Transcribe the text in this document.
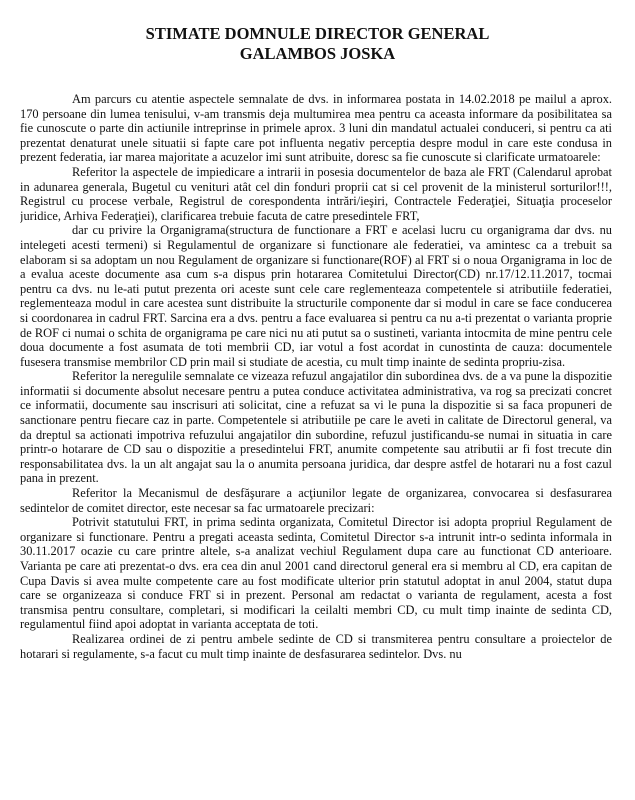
STIMATE DOMNULE DIRECTOR GENERAL
GALAMBOS JOSKA

Am parcurs cu atentie aspectele semnalate de dvs. in informarea postata in 14.02.2018 pe mailul a aprox. 170 persoane din lumea tenisului, v-am transmis deja multumirea mea pentru ca aceasta informare da posibilitatea sa fie cunoscute o parte din actiunile intreprinse in primele aprox. 3 luni din mandatul actualei conduceri, si pentru ca ati prezentat denaturat unele situatii si fapte care pot influenta negativ perceptia despre modul in care este condusa in prezent federatia, iar marea majoritate a acuzelor imi sunt atribuite, doresc sa fie cunoscute si clarificate urmatoarele:

Referitor la aspectele de impiedicare a intrarii in posesia documentelor de baza ale FRT (Calendarul aprobat in adunarea generala, Bugetul cu venituri atât cel din fonduri proprii cat si cel provenit de la ministerul sorturilor!!!, Registrul cu procese verbale, Registrul de corespondenta intrări/ieşiri, Contractele Federaţiei, Situaţia proceselor juridice, Arhiva Federaţiei), clarificarea trebuie facuta de catre presedintele FRT,

dar cu privire la Organigrama(structura de functionare a FRT e acelasi lucru cu organigrama dar dvs. nu intelegeti acesti termeni) si Regulamentul de organizare si functionare ale federatiei, va amintesc ca a trebuit sa elaboram si sa adoptam un nou Regulament de organizare si functionare(ROF) al FRT si o noua Organigrama in loc de a evalua aceste documente asa cum s-a dispus prin hotararea Comitetului Director(CD) nr.17/12.11.2017, tocmai pentru ca dvs. nu le-ati putut prezenta ori aceste sunt cele care reglementeaza competentele si atributiile federatiei, reglementeaza modul in care acestea sunt distribuite la structurile componente dar si modul in care se face conducerea si coordonarea in cadrul FRT. Sarcina era a dvs. pentru a face evaluarea si pentru ca nu a-ti prezentat o varianta proprie de ROF ci numai o schita de organigrama pe care nici nu ati putut sa o sustineti, varianta intocmita de mine pentru cele doua documente a fost asumata de toti membrii CD, iar votul a fost acordat in cunostinta de cauza: documentele fusesera transmise membrilor CD prin mail si studiate de acestia, cu mult timp inainte de sedinta propriu-zisa.

Referitor la neregulile semnalate ce vizeaza refuzul angajatilor din subordinea dvs. de a va pune la dispozitie informatii si documente absolut necesare pentru a putea conduce activitatea administrativa, va rog sa precizati concret ce informatii, documente sau inscrisuri ati solicitat, cine a refuzat sa vi le puna la dispozitie si sa faca propuneri de sanctionare pentru fiecare caz in parte. Competentele si atributiile pe care le aveti in calitate de Directorul general, va da dreptul sa actionati impotriva refuzului angajatilor din subordine, refuzul justificandu-se numai in situatia in care printr-o hotarare de CD sau o dispozitie a presedintelui FRT, anumite competente sau atributii ar fi fost trecute din responsabilitatea dvs. la un alt angajat sau la o anumita persoana juridica, dar despre astfel de hotarari nu a fost cazul pana in prezent.

Referitor la Mecanismul de desfăşurare a acţiunilor legate de organizarea, convocarea si desfasurarea sedintelor de comitet director, este necesar sa fac urmatoarele precizari:

Potrivit statutului FRT, in prima sedinta organizata, Comitetul Director isi adopta propriul Regulament de organizare si functionare. Pentru a pregati aceasta sedinta, Comitetul Director s-a intrunit intr-o sedinta informala in 30.11.2017 ocazie cu care printre altele, s-a analizat vechiul Regulament dupa care au functionat CD anterioare. Varianta pe care ati prezentat-o dvs. era cea din anul 2001 cand directorul general era si membru al CD, era capitan de Cupa Davis si avea multe competente care au fost modificate ulterior prin statutul adoptat in anul 2004, statut dupa care se organizeaza si conduce FRT si in prezent. Personal am redactat o varianta de regulament, acesta a fost transmisa pentru consultare, completari, si modificari la ceilalti membri CD, cu mult timp inainte de sedinta CD, regulamentul fiind apoi adoptat in varianta acceptata de toti.

Realizarea ordinei de zi pentru ambele sedinte de CD si transmiterea pentru consultare a proiectelor de hotarari si regulamente, s-a facut cu mult timp inainte de desfasurarea sedintelor. Dvs. nu
